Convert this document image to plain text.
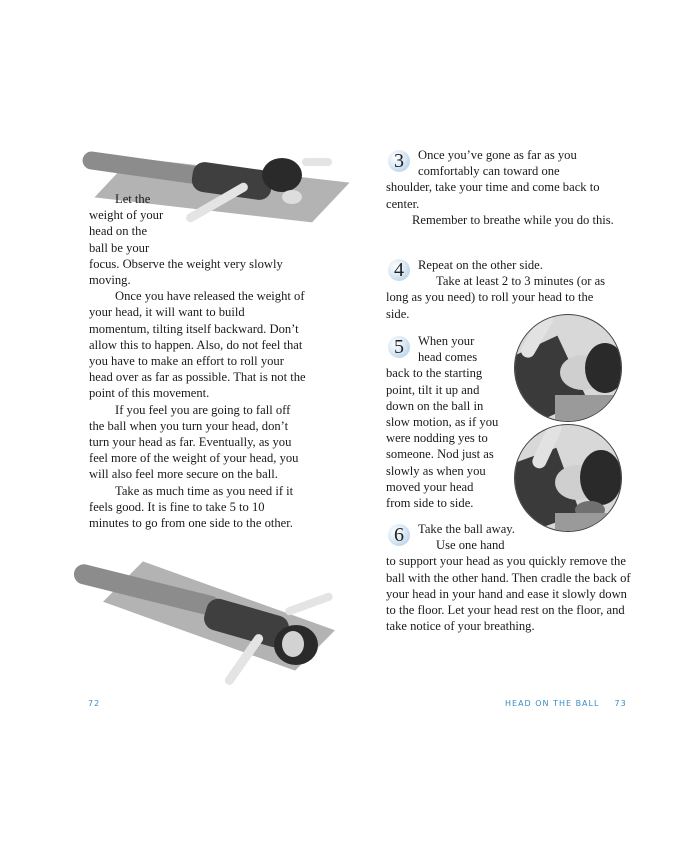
Let the weight of your head on the ball be your focus. Observe the weight very slowly moving.

Once you have released the weight of your head, it will want to build momentum, tilting itself backward. Don’t allow this to happen. Also, do not feel that you have to make an effort to roll your head over as far as possible. That is not the point of this movement.

If you feel you are going to fall off the ball when you turn your head, don’t turn your head as far. Eventually, as you feel more of the weight of your head, you will also feel more secure on the ball.

Take as much time as you need if it feels good. It is fine to take 5 to 10 minutes to go from one side to the other.

72
3	Once you’ve gone as far as you

comfortably can toward one

shoulder, take your time and come back to center.

Remember to breathe while you do this.

4	Repeat on the other side.

Take at least 2 to 3 minutes (or as long as you need) to roll your head to the side.

5	When your

head comes

back to the starting

point, tilt it up and

down on the ball in

slow motion, as if you

were nodding yes to

someone. Nod just as

slowly as when you

moved your head

from side to side.

6	Take the ball away.

Use one hand

to support your head as you quickly remove the ball with the other hand. Then cradle the back of your head in your hand and ease it slowly down to the floor. Let your head rest on the floor, and take notice of your breathing.

HEAD ON THE BALL 73
